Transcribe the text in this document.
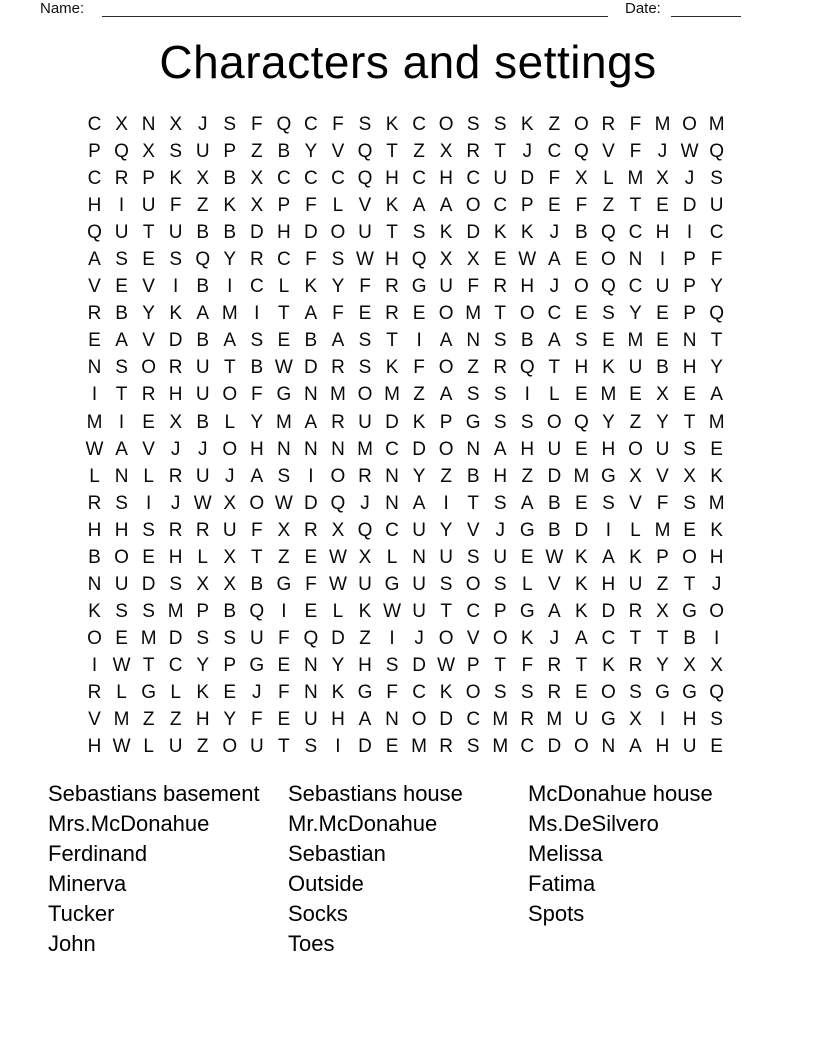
Name:	Date:
Characters and settings
C X N X J S F Q C F S K C O S S K Z O R F M O M
P Q X S U P Z B Y V Q T Z X R T J C Q V F J W Q
C R P K X B X C C C Q H C H C U D F X L M X J S
H I U F Z K X P F L V K A A O C P E F Z T E D U
Q U T U B B D H D O U T S K D K K J B Q C H I C
A S E S Q Y R C F S W H Q X X E W A E O N I P F
V E V I B I C L K Y F R G U F R H J O Q C U P Y
R B Y K A M I T A F E R E O M T O C E S Y E P Q
E A V D B A S E B A S T I A N S B A S E M E N T
N S O R U T B W D R S K F O Z R Q T H K U B H Y
I T R H U O F G N M O M Z A S S I	L E M E X E A
M I E X B L Y M A R U D K P G S S O Q Y Z Y T M
W A V J J O H N N N M C D O N A H U E H O U S E
L N L R U J A S I O R N Y Z B H Z D M G X V X K
R S I	J W X O W D Q J N A I T S A B E S V F S M
H H S R R U F X R X Q C U Y V J G B D I	L M E K
B O E H L X T Z E W X L N U S U E W K A K P O H
N U D S X X B G F W U G U S O S L V K H U Z T J
K S S M P B Q I E L K W U T C P G A K D R X G O
O E M D S S U F Q D Z I	J O V O K J A C T T B I
I W T C Y P G E N Y H S D W P T F R T K R Y X X
R L G L K E J F N K G F C K O S S R E O S G G Q
V M Z Z H Y F E U H A N O D C M R M U G X I H S
H W L U Z O U T S I D E M R S M C D O N A H U E
Sebastians basement
Mrs.McDonahue
Ferdinand
Minerva
Tucker
John
Sebastians house
Mr.McDonahue
Sebastian
Outside
Socks
Toes
McDonahue house
Ms.DeSilvero
Melissa
Fatima
Spots
